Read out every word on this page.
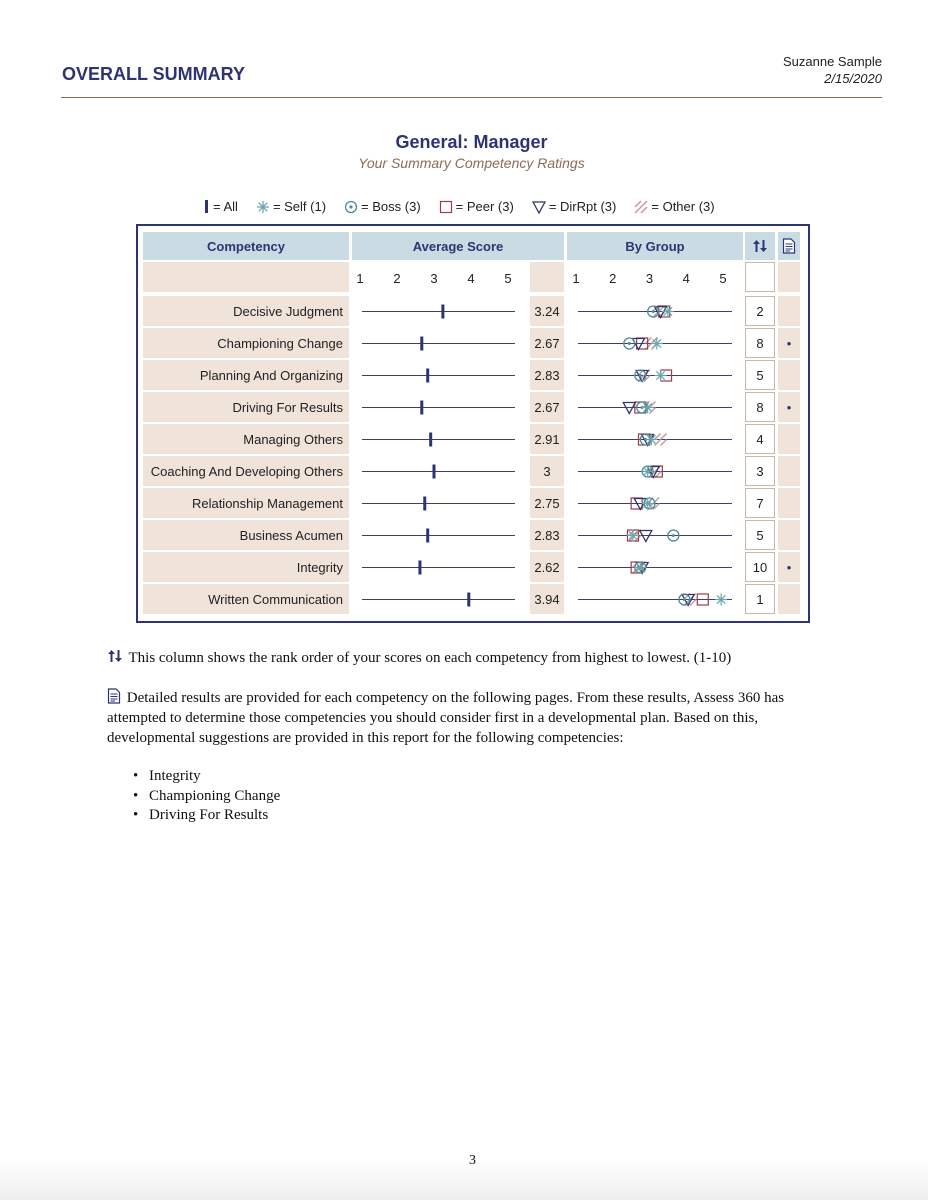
OVERALL SUMMARY
Suzanne Sample
2/15/2020
General: Manager
Your Summary Competency Ratings
= All	= Self (1)	= Boss (3)	= Peer (3)	= DirRpt (3)	= Other (3)
Competency	Average Score	By Group
1 2 3 4 5	1 2 3 4 5
Decisive Judgment	3.24	2
Championing Change	2.67	8	•
Planning And Organizing	2.83	5
Driving For Results	2.67	8	•
Managing Others	2.91	4
Coaching And Developing Others	3	3
Relationship Management	2.75	7
Business Acumen	2.83	5
Integrity	2.62	10	•
Written Communication	3.94	1
This column shows the rank order of your scores on each competency from highest to lowest. (1-10)
Detailed results are provided for each competency on the following pages. From these results, Assess 360 has
attempted to determine those competencies you should consider first in a developmental plan. Based on this,
developmental suggestions are provided in this report for the following competencies:
• Integrity
• Championing Change
• Driving For Results
3
